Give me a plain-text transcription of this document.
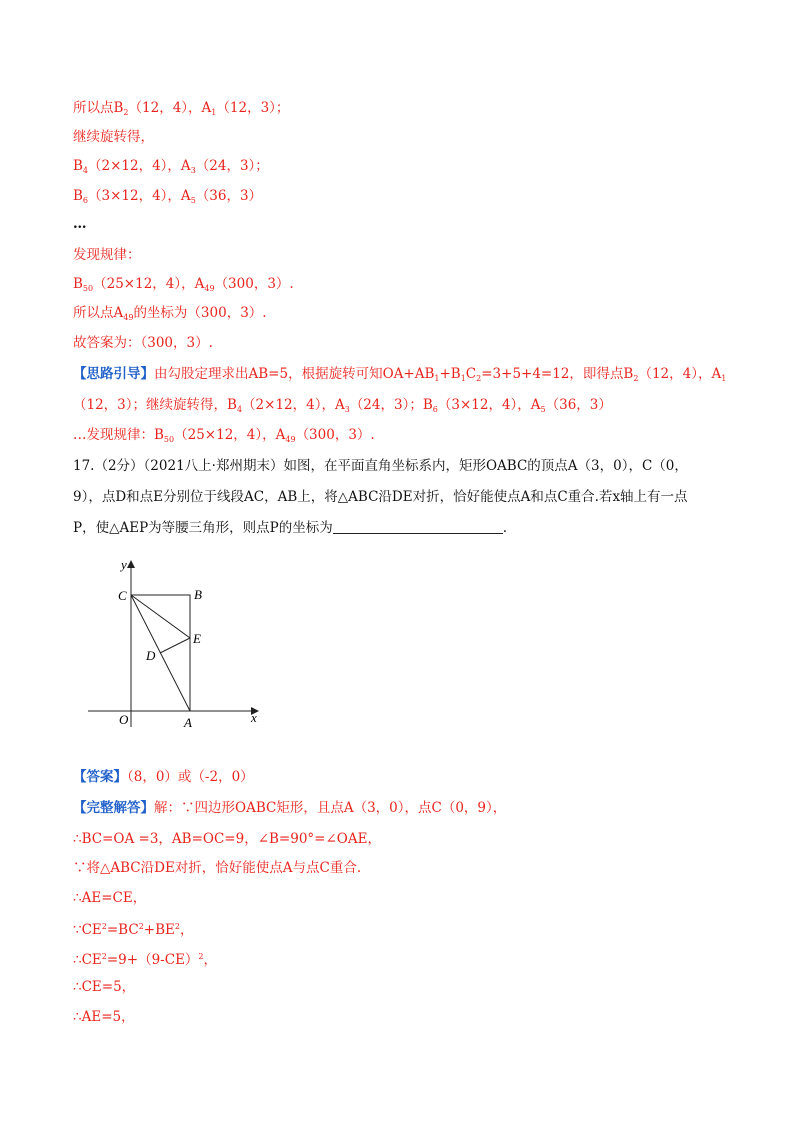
所以点$B_2(12$，4），$A_1(12$，3）；
继续旋转得，
$B_4(2\times 12$，4），$A_3(24$，3）；
$B_6(3\times 12$，4），$A_5(36$，3）
…
发现规律：
$B_{50}(25\times 12$，4），$A_{49}(300$，3）.
所以点$A_{49}$的坐标为（300，3）.
故答案为：（300，3）.
【思路引导】由勾股定理求出AB=5，根据旋转可知$OA+AB_1+B_1C_2=3+5+4=12$，即得点$B_2(12$，4），$A_1$
（12，3）；继续旋转得，$B_4(2\times 12$，4），$A_3(24$，3）；$B_6(3\times 12$，4），$A_5(36$，3）
…发现规律：$B_{50}(25\times 12$，4），$A_{49}(300$，3）.
17.（2分）（2021八上·郑州期末）如图，在平面直角坐标系内，矩形OABC的顶点A（3，0），C（0，
9），点D和点E分别位于线段AC，AB上，将△ABC沿DE对折，恰好能使点A和点C重合.若x轴上有一点
P，使△AEP为等腰三角形，则点P的坐标为	.
y
x
C	B
E
D
O	A
【答案】（8，0）或（-2，0）
【完整解答】解：∵四边形OABC矩形，且点A（3，0），点C（0，9），
∴BC=OA =3，AB=OC=9，∠B=90°=∠OAE，
∵将△ABC沿DE对折，恰好能使点A与点C重合.
∴AE=CE，
$\because CE^2=BC^2+BE^2$，
$\therefore CE^2=9+(9-CE)^2$，
∴CE=5，
∴AE=5，
